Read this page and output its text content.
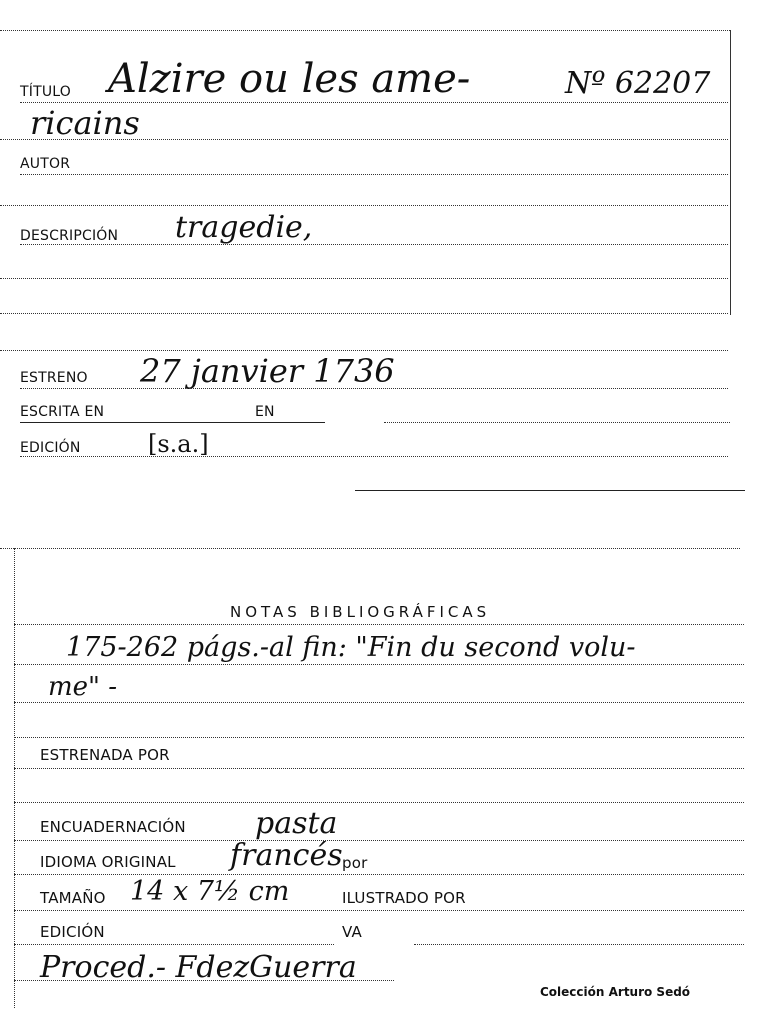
TÍTULO Alzire ou les ame-	Nº 62207
ricains
AUTOR
DESCRIPCIÓN tragedie,
ESTRENO 27 janvier 1736
ESCRITA EN	EN
EDICIÓN	[s.a.]
NOTAS BIBLIOGRÁFICAS
175-262 págs.-al fin: "Fin du second volu-
me" -
ESTRENADA POR
ENCUADERNACIÓN pasta
IDIOMA ORIGINAL francés por
TAMAÑO 14 x 7½ cm	ILUSTRADO POR
EDICIÓN	VA
Proced.- FdezGuerra
Colección Arturo Sedó
